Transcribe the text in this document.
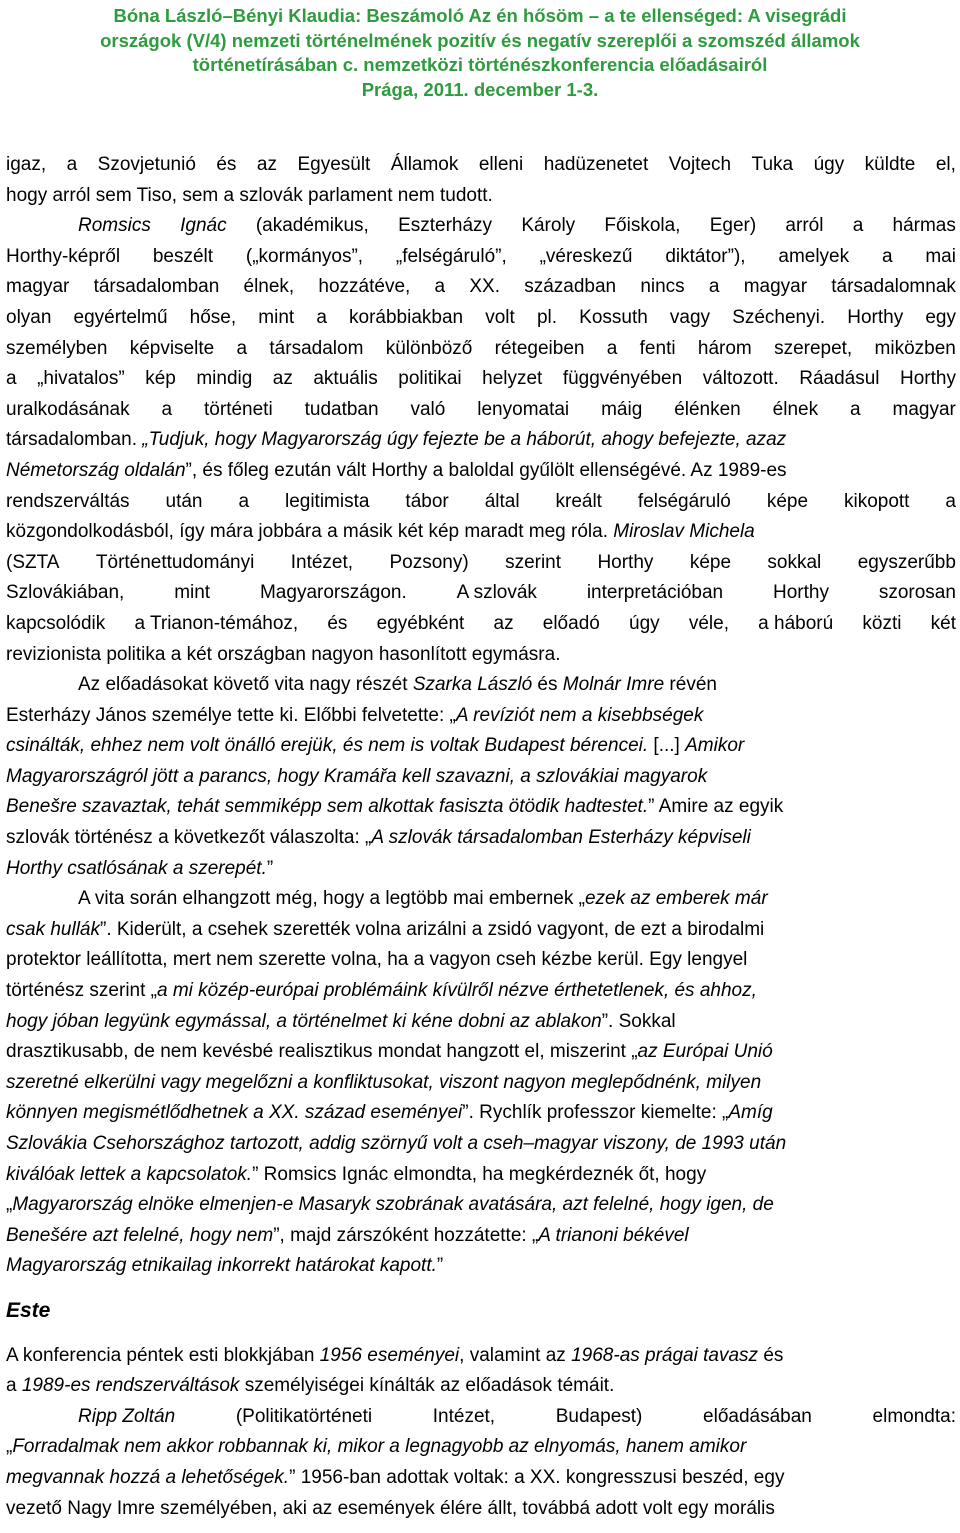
Bóna László–Bényi Klaudia: Beszámoló Az én hősöm – a te ellenséged: A visegrádi
országok (V/4) nemzeti történelmének pozitív és negatív szereplői a szomszéd államok
történetírásában c. nemzetközi történészkonferencia előadásairól
Prága, 2011. december 1-3.
igaz, a Szovjetunió és az Egyesült Államok elleni hadüzenetet Vojtech Tuka úgy küldte el,
hogy arról sem Tiso, sem a szlovák parlament nem tudott.
Romsics Ignác (akadémikus, Eszterházy Károly Főiskola, Eger) arról a hármas
Horthy-képről beszélt („kormányos”, „felségáruló”, „véreskezű diktátor”), amelyek a mai
magyar társadalomban élnek, hozzátéve, a XX. században nincs a magyar társadalomnak
olyan egyértelmű hőse, mint a korábbiakban volt pl. Kossuth vagy Széchenyi. Horthy egy
személyben képviselte a társadalom különböző rétegeiben a fenti három szerepet, miközben
a „hivatalos” kép mindig az aktuális politikai helyzet függvényében változott. Ráadásul Horthy
uralkodásának a történeti tudatban való lenyomatai máig élénken élnek a magyar
társadalomban. „Tudjuk, hogy Magyarország úgy fejezte be a háborút, ahogy befejezte, azaz
Németország oldalán”, és főleg ezután vált Horthy a baloldal gyűlölt ellenségévé. Az 1989-es
rendszerváltás után a legitimista tábor által kreált felségáruló képe kikopott a
közgondolkodásból, így mára jobbára a másik két kép maradt meg róla. Miroslav Michela
(SZTA Történettudományi Intézet, Pozsony) szerint Horthy képe sokkal egyszerűbb
Szlovákiában,	mint	Magyarországon.	A szlovák	interpretációban	Horthy	szorosan
kapcsolódik a Trianon-témához, és egyébként az előadó úgy véle, a háború közti két
revizionista politika a két országban nagyon hasonlított egymásra.
Az előadásokat követő vita nagy részét Szarka László és Molnár Imre révén
Esterházy János személye tette ki. Előbbi felvetette: „A revíziót nem a kisebbségek
csinálták, ehhez nem volt önálló erejük, és nem is voltak Budapest bérencei. [...] Amikor
Magyarországról jött a parancs, hogy Kramářa kell szavazni, a szlovákiai magyarok
Benešre szavaztak, tehát semmiképp sem alkottak fasiszta ötödik hadtestet.” Amire az egyik
szlovák történész a következőt válaszolta: „A szlovák társadalomban Esterházy képviseli
Horthy csatlósának a szerepét.”
A vita során elhangzott még, hogy a legtöbb mai embernek „ezek az emberek már
csak hullák”. Kiderült, a csehek szerették volna arizálni a zsidó vagyont, de ezt a birodalmi
protektor leállította, mert nem szerette volna, ha a vagyon cseh kézbe kerül. Egy lengyel
történész szerint „a mi közép-európai problémáink kívülről nézve érthetetlenek, és ahhoz,
hogy jóban legyünk egymással, a történelmet ki kéne dobni az ablakon”. Sokkal
drasztikusabb, de nem kevésbé realisztikus mondat hangzott el, miszerint „az Európai Unió
szeretné elkerülni vagy megelőzni a konfliktusokat, viszont nagyon meglepődnénk, milyen
könnyen megismétlődhetnek a XX. század eseményei”. Rychlík professzor kiemelte: „Amíg
Szlovákia Csehországhoz tartozott, addig szörnyű volt a cseh–magyar viszony, de 1993 után
kiválóak lettek a kapcsolatok.” Romsics Ignác elmondta, ha megkérdeznék őt, hogy
„Magyarország elnöke elmenjen-e Masaryk szobrának avatására, azt felelné, hogy igen, de
Benešére azt felelné, hogy nem”, majd zárszóként hozzátette: „A trianoni békével
Magyarország etnikailag inkorrekt határokat kapott.”
Este
A konferencia péntek esti blokkjában 1956 eseményei, valamint az 1968-as prágai tavasz és
a 1989-es rendszerváltások személyiségei kínálták az előadások témáit.
Ripp Zoltán	(Politikatörténeti	Intézet,	Budapest)	előadásában	elmondta:
„Forradalmak nem akkor robbannak ki, mikor a legnagyobb az elnyomás, hanem amikor
megvannak hozzá a lehetőségek.” 1956-ban adottak voltak: a XX. kongresszusi beszéd, egy
vezető Nagy Imre személyében, aki az események élére állt, továbbá adott volt egy morális
